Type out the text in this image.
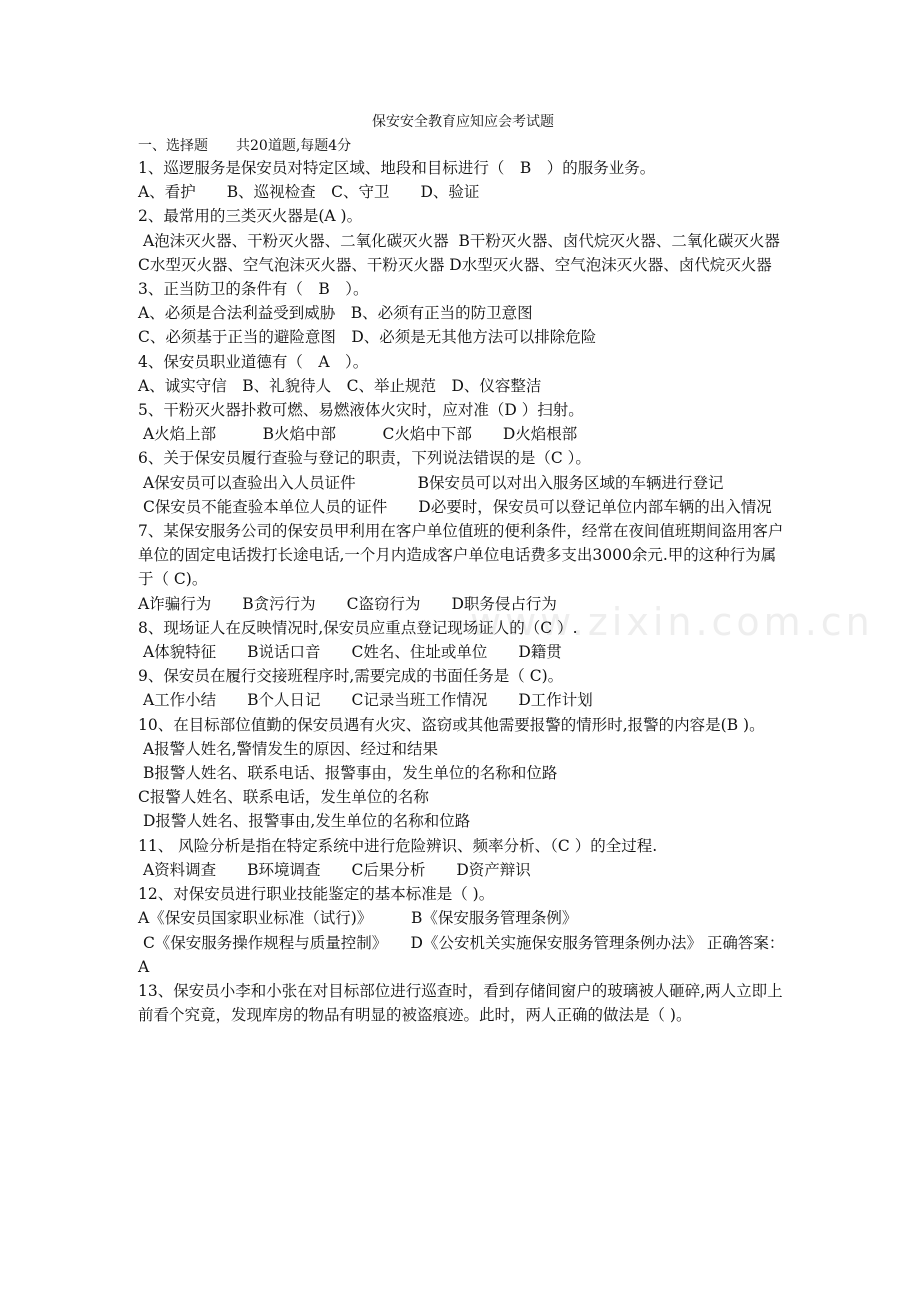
www.zixin.com.cn
保安安全教育应知应会考试题
一、选择题　　共20道题,每题4分
1、巡逻服务是保安员对特定区域、地段和目标进行（　B　）的服务业务。
A、看护　　B、巡视检查　C、守卫　　D、验证
2、最常用的三类灭火器是(A )。
A泡沫灭火器、干粉灭火器、二氧化碳灭火器  B干粉灭火器、卤代烷灭火器、二氧化碳灭火器
C水型灭火器、空气泡沫灭火器、干粉灭火器 D水型灭火器、空气泡沫灭火器、卤代烷灭火器
3、正当防卫的条件有（　B　）。
A、必须是合法利益受到威胁　B、必须有正当的防卫意图
C、必须基于正当的避险意图　D、必须是无其他方法可以排除危险
4、保安员职业道德有（　A　）。
A、诚实守信　B、礼貌待人　C、举止规范　D、仪容整洁
5、干粉灭火器扑救可燃、易燃液体火灾时，应对准（D ）扫射。
A火焰上部　　　B火焰中部　　　C火焰中下部　　D火焰根部
6、关于保安员履行查验与登记的职责，下列说法错误的是（C ）。
A保安员可以查验出入人员证件　　　　B保安员可以对出入服务区域的车辆进行登记
C保安员不能查验本单位人员的证件　　D必要时，保安员可以登记单位内部车辆的出入情况
7、某保安服务公司的保安员甲利用在客户单位值班的便利条件，经常在夜间值班期间盗用客户单位的固定电话拨打长途电话,一个月内造成客户单位电话费多支出3000余元.甲的这种行为属于（ C)。
A诈骗行为　　B贪污行为　　C盗窃行为　　D职务侵占行为
8、现场证人在反映情况时,保安员应重点登记现场证人的（C ）.
A体貌特征　　B说话口音　　C姓名、住址或单位　　D籍贯
9、保安员在履行交接班程序时,需要完成的书面任务是（ C)。
A工作小结　　B个人日记　　C记录当班工作情况　　D工作计划
10、在目标部位值勤的保安员遇有火灾、盗窃或其他需要报警的情形时,报警的内容是(B )。
A报警人姓名,警情发生的原因、经过和结果
B报警人姓名、联系电话、报警事由，发生单位的名称和位路
C报警人姓名、联系电话，发生单位的名称
D报警人姓名、报警事由,发生单位的名称和位路
11、 风险分析是指在特定系统中进行危险辨识、频率分析、（C ）的全过程.
A资料调查　　B环境调查　　C后果分析　　D资产辩识
12、对保安员进行职业技能鉴定的基本标准是（ )。
A《保安员国家职业标准（试行)》　　　B《保安服务管理条例》
C《保安服务操作规程与质量控制》　　D《公安机关实施保安服务管理条例办法》 正确答案：A
13、保安员小李和小张在对目标部位进行巡查时，看到存储间窗户的玻璃被人砸碎,两人立即上前看个究竟，发现库房的物品有明显的被盗痕迹。此时，两人正确的做法是（ )。
